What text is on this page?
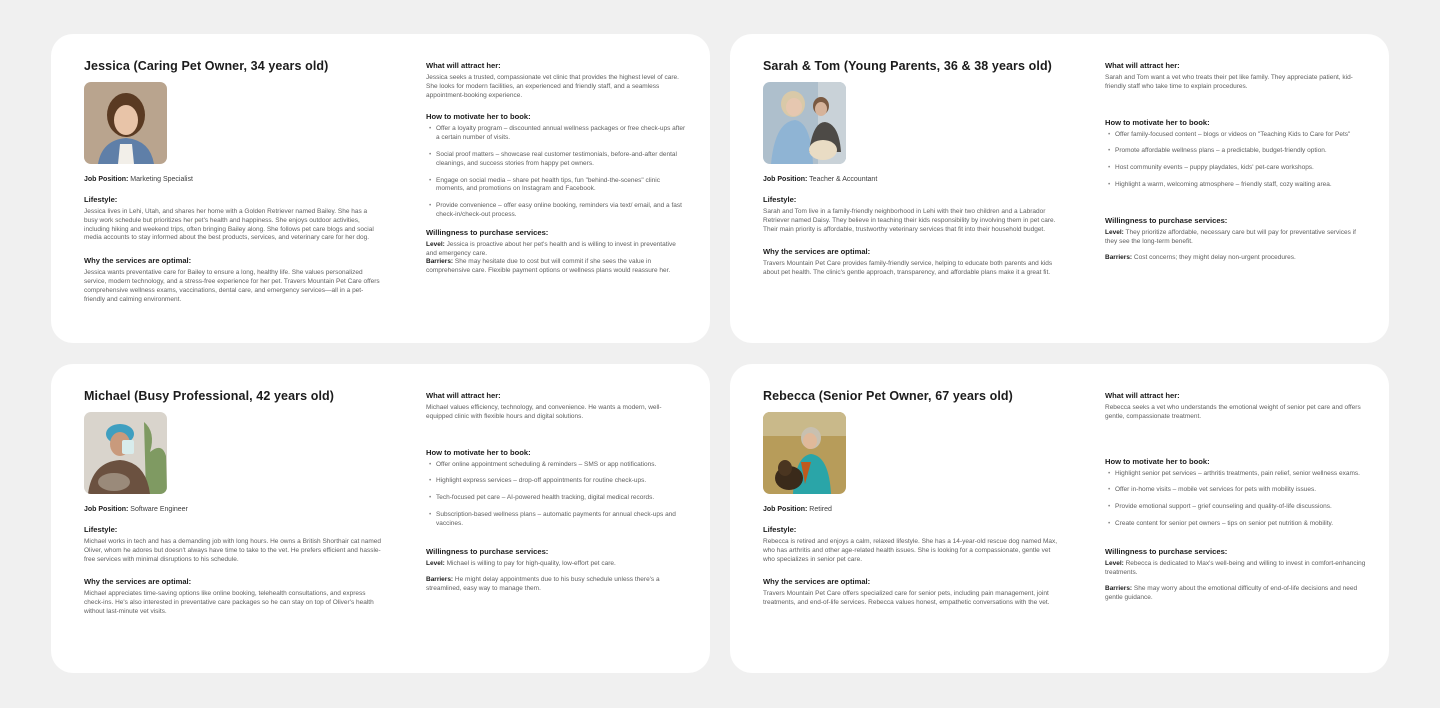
Jessica (Caring Pet Owner, 34 years old)
Job Position: Marketing Specialist
Lifestyle:
Jessica lives in Lehi, Utah, and shares her home with a Golden Retriever named Bailey. She has a busy work schedule but prioritizes her pet's health and happiness. She enjoys outdoor activities, including hiking and weekend trips, often bringing Bailey along. She follows pet care blogs and social media accounts to stay informed about the best products, services, and veterinary care for her dog.
Why the services are optimal:
Jessica wants preventative care for Bailey to ensure a long, healthy life. She values personalized service, modern technology, and a stress-free experience for her pet. Travers Mountain Pet Care offers comprehensive wellness exams, vaccinations, dental care, and emergency services—all in a pet-friendly and calming environment.
What will attract her:
Jessica seeks a trusted, compassionate vet clinic that provides the highest level of care. She looks for modern facilities, an experienced and friendly staff, and a seamless appointment-booking experience.
How to motivate her to book:
• Offer a loyalty program – discounted annual wellness packages or free check-ups after a certain number of visits.
• Social proof matters – showcase real customer testimonials, before-and-after dental cleanings, and success stories from happy pet owners.
• Engage on social media – share pet health tips, fun "behind-the-scenes" clinic moments, and promotions on Instagram and Facebook.
• Provide convenience – offer easy online booking, reminders via text/ email, and a fast check-in/check-out process.
Willingness to purchase services:
Level: Jessica is proactive about her pet's health and is willing to invest in preventative and emergency care.
Barriers: She may hesitate due to cost but will commit if she sees the value in comprehensive care. Flexible payment options or wellness plans would reassure her.
Sarah & Tom (Young Parents, 36 & 38 years old)
Job Position: Teacher & Accountant
Lifestyle:
Sarah and Tom live in a family-friendly neighborhood in Lehi with their two children and a Labrador Retriever named Daisy. They believe in teaching their kids responsibility by involving them in pet care. Their main priority is affordable, trustworthy veterinary services that fit into their household budget.
Why the services are optimal:
Travers Mountain Pet Care provides family-friendly service, helping to educate both parents and kids about pet health. The clinic's gentle approach, transparency, and affordable plans make it a great fit.
What will attract her:
Sarah and Tom want a vet who treats their pet like family. They appreciate patient, kid-friendly staff who take time to explain procedures.
How to motivate her to book:
• Offer family-focused content – blogs or videos on "Teaching Kids to Care for Pets"
• Promote affordable wellness plans – a predictable, budget-friendly option.
• Host community events – puppy playdates, kids' pet-care workshops.
• Highlight a warm, welcoming atmosphere – friendly staff, cozy waiting area.
Willingness to purchase services:
Level: They prioritize affordable, necessary care but will pay for preventative services if they see the long-term benefit.
Barriers: Cost concerns; they might delay non-urgent procedures.
Michael (Busy Professional, 42 years old)
Job Position: Software Engineer
Lifestyle:
Michael works in tech and has a demanding job with long hours. He owns a British Shorthair cat named Oliver, whom he adores but doesn't always have time to take to the vet. He prefers efficient and hassle-free services with minimal disruptions to his schedule.
Why the services are optimal:
Michael appreciates time-saving options like online booking, telehealth consultations, and express check-ins. He's also interested in preventative care packages so he can stay on top of Oliver's health without last-minute vet visits.
What will attract her:
Michael values efficiency, technology, and convenience. He wants a modern, well-equipped clinic with flexible hours and digital solutions.
How to motivate her to book:
• Offer online appointment scheduling & reminders – SMS or app notifications.
• Highlight express services – drop-off appointments for routine check-ups.
• Tech-focused pet care – AI-powered health tracking, digital medical records.
• Subscription-based wellness plans – automatic payments for annual check-ups and vaccines.
Willingness to purchase services:
Level: Michael is willing to pay for high-quality, low-effort pet care.
Barriers: He might delay appointments due to his busy schedule unless there's a streamlined, easy way to manage them.
Rebecca (Senior Pet Owner, 67 years old)
Job Position: Retired
Lifestyle:
Rebecca is retired and enjoys a calm, relaxed lifestyle. She has a 14-year-old rescue dog named Max, who has arthritis and other age-related health issues. She is looking for a compassionate, gentle vet who specializes in senior pet care.
Why the services are optimal:
Travers Mountain Pet Care offers specialized care for senior pets, including pain management, joint treatments, and end-of-life services. Rebecca values honest, empathetic conversations with the vet.
What will attract her:
Rebecca seeks a vet who understands the emotional weight of senior pet care and offers gentle, compassionate treatment.
How to motivate her to book:
• Highlight senior pet services – arthritis treatments, pain relief, senior wellness exams.
• Offer in-home visits – mobile vet services for pets with mobility issues.
• Provide emotional support – grief counseling and quality-of-life discussions.
• Create content for senior pet owners – tips on senior pet nutrition & mobility.
Willingness to purchase services:
Level: Rebecca is dedicated to Max's well-being and willing to invest in comfort-enhancing treatments.
Barriers: She may worry about the emotional difficulty of end-of-life decisions and need gentle guidance.
